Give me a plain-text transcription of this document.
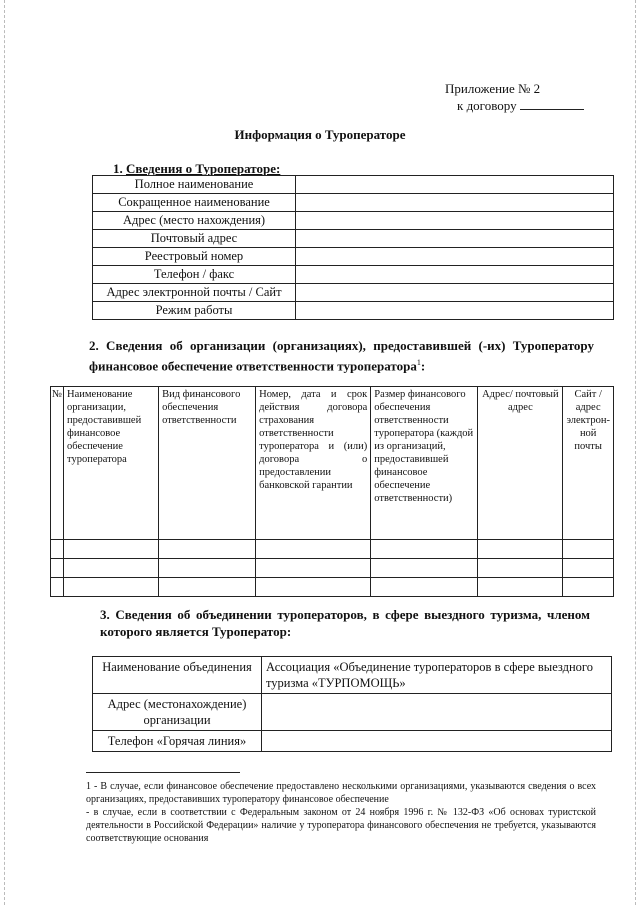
Приложение № 2
к договору
Информация о Туроператоре
1. Сведения о Туроператоре:
Полное наименование	
Сокращенное наименование	
Адрес (место нахождения)	
Почтовый адрес	
Реестровый номер	
Телефон / факс	
Адрес электронной почты / Сайт	
Режим работы	
2. Сведения об организации (организациях), предоставившей (-их) Туроператору финансовое обеспечение ответственности туроператора$^1$:
№	Наименование организации, предоставившей финансовое обеспечение туроператора	Вид финансового обеспечения ответственности	Номер, дата и срок действия договора страхования ответственности туроператора и (или) договора о предоставлении банковской гарантии	Размер финансового обеспечения ответственности туроператора (каждой из организаций, предоставившей финансовое обеспечение ответственности)	Адрес/ почтовый адрес	Сайт / адрес электрон-ной почты

3. Сведения об объединении туроператоров, в сфере выездного туризма, членом которого является Туроператор:
Наименование объединения	Ассоциация «Объединение туроператоров в сфере выездного туризма «ТУРПОМОЩЬ»
Адрес (местонахождение) организации	
Телефон «Горячая линия»	

1 - В случае, если финансовое обеспечение предоставлено несколькими организациями, указываются сведения о всех организациях, предоставивших туроператору финансовое обеспечение

- в случае, если в соответствии с Федеральным законом от 24 ноября 1996 г. № 132-ФЗ «Об основах туристской деятельности в Российской Федерации» наличие у туроператора финансового обеспечения не требуется, указываются соответствующие основания
